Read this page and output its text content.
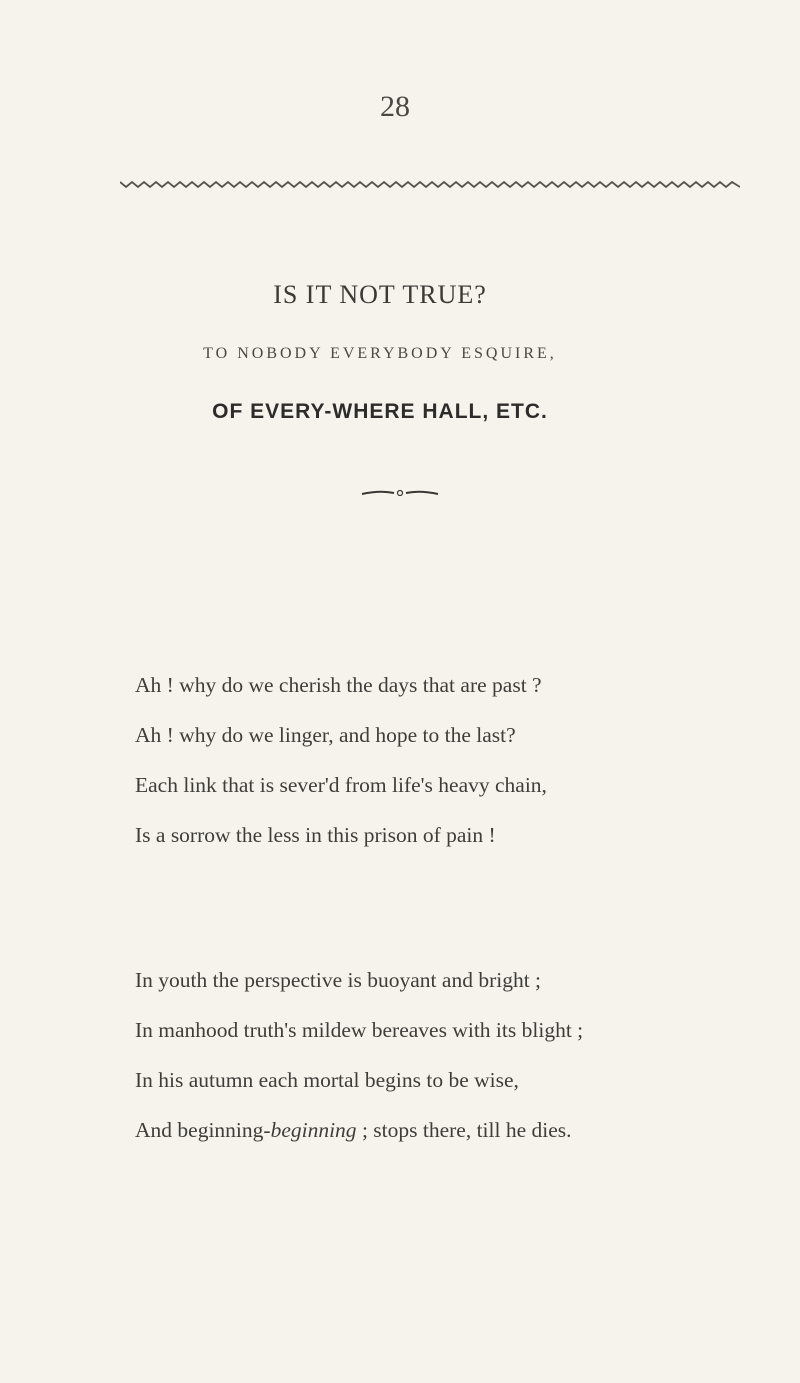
28
IS IT NOT TRUE?
TO NOBODY EVERYBODY ESQUIRE,
OF EVERY-WHERE HALL, ETC.
Ah ! why do we cherish the days that are past ?
Ah ! why do we linger, and hope to the last?
Each link that is sever'd from life's heavy chain,
Is a sorrow the less in this prison of pain !
In youth the perspective is buoyant and bright ;
In manhood truth's mildew bereaves with its blight ;
In his autumn each mortal begins to be wise,
And beginning-beginning ; stops there, till he dies.
